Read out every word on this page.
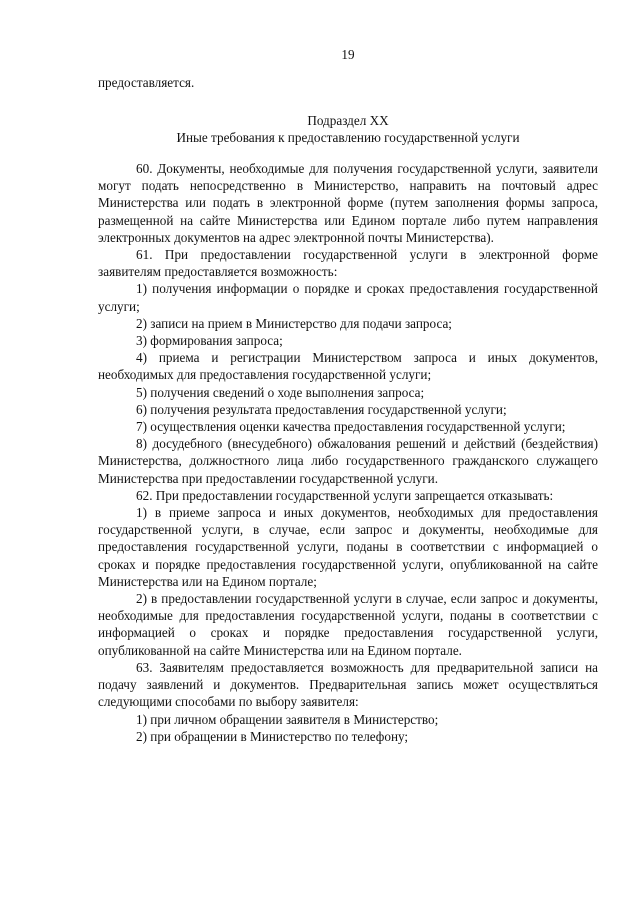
19
предоставляется.
Подраздел XX
Иные требования к предоставлению государственной услуги

60. Документы, необходимые для получения государственной услуги, заявители могут подать непосредственно в Министерство, направить на почтовый адрес Министерства или подать в электронной форме (путем заполнения формы запроса, размещенной на сайте Министерства или Едином портале либо путем направления электронных документов на адрес электронной почты Министерства).

61. При предоставлении государственной услуги в электронной форме заявителям предоставляется возможность:

1) получения информации о порядке и сроках предоставления государственной услуги;

2) записи на прием в Министерство для подачи запроса;

3) формирования запроса;

4) приема и регистрации Министерством запроса и иных документов, необходимых для предоставления государственной услуги;

5) получения сведений о ходе выполнения запроса;

6) получения результата предоставления государственной услуги;

7) осуществления оценки качества предоставления государственной услуги;

8) досудебного (внесудебного) обжалования решений и действий (бездействия) Министерства, должностного лица либо государственного гражданского служащего Министерства при предоставлении государственной услуги.

62. При предоставлении государственной услуги запрещается отказывать:

1) в приеме запроса и иных документов, необходимых для предоставления государственной услуги, в случае, если запрос и документы, необходимые для предоставления государственной услуги, поданы в соответствии с информацией о сроках и порядке предоставления государственной услуги, опубликованной на сайте Министерства или на Едином портале;

2) в предоставлении государственной услуги в случае, если запрос и документы, необходимые для предоставления государственной услуги, поданы в соответствии с информацией о сроках и порядке предоставления государственной услуги, опубликованной на сайте Министерства или на Едином портале.

63. Заявителям предоставляется возможность для предварительной записи на подачу заявлений и документов. Предварительная запись может осуществляться следующими способами по выбору заявителя:

1) при личном обращении заявителя в Министерство;

2) при обращении в Министерство по телефону;
